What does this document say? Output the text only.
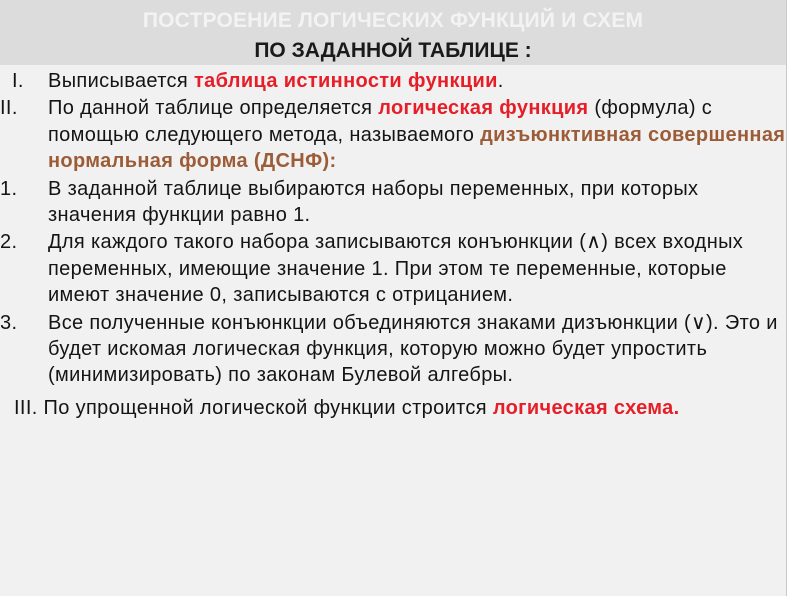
ПОСТРОЕНИЕ ЛОГИЧЕСКИХ ФУНКЦИЙ И СХЕМ
ПО ЗАДАННОЙ ТАБЛИЦЕ :
I. Выписывается таблица истинности функции.
II. По данной таблице определяется логическая функция (формула) с помощью следующего метода, называемого дизъюнктивная совершенная нормальная форма (ДСНФ):
1. В заданной таблице выбираются наборы переменных, при которых значения функции равно 1.
2. Для каждого такого набора записываются конъюнкции (∧) всех входных переменных, имеющие значение 1. При этом те переменные, которые имеют значение 0, записываются с отрицанием.
3. Все полученные конъюнкции объединяются знаками дизъюнкции (∨). Это и будет искомая логическая функция, которую можно будет упростить (минимизировать) по законам Булевой алгебры.
III. По упрощенной логической функции строится логическая схема.
